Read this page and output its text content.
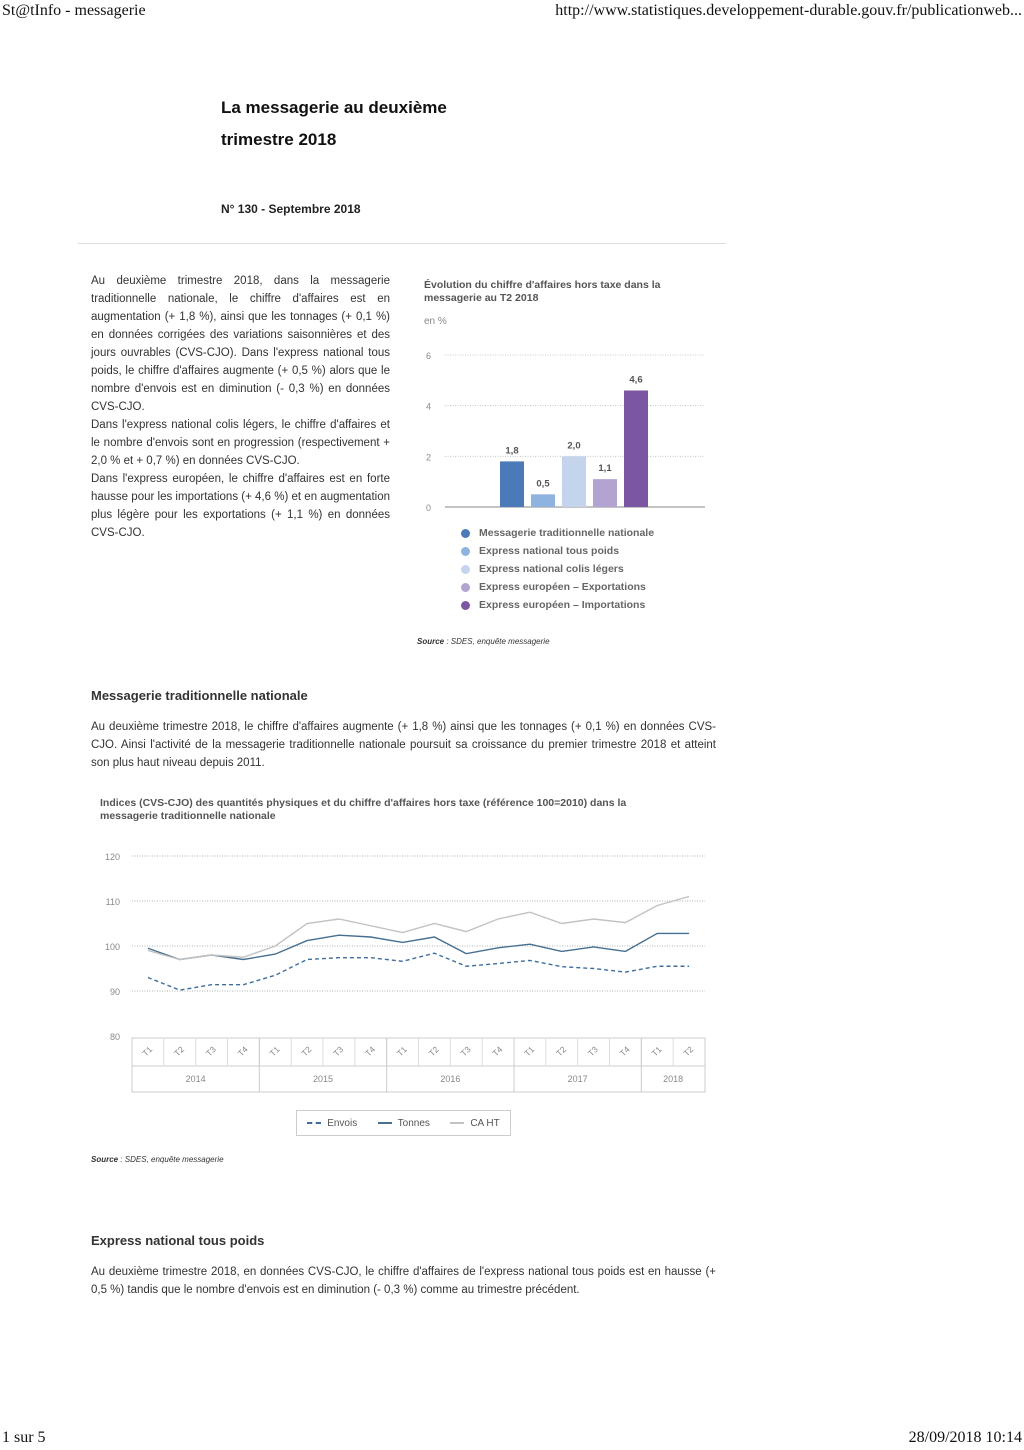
St@tInfo - messagerie	http://www.statistiques.developpement-durable.gouv.fr/publicationweb...
1 sur 5	28/09/2018 10:14
La messagerie au deuxième
trimestre 2018
N° 130 - Septembre 2018

Au deuxième trimestre 2018, dans la messagerie traditionnelle nationale, le chiffre d'affaires est en augmentation (+ 1,8 %), ainsi que les tonnages (+ 0,1 %) en données corrigées des variations saisonnières et des jours ouvrables (CVS-CJO). Dans l'express national tous poids, le chiffre d'affaires augmente (+ 0,5 %) alors que le nombre d'envois est en diminution (- 0,3 %) en données CVS-CJO.

Dans l'express national colis légers, le chiffre d'affaires et le nombre d'envois sont en progression (respectivement + 2,0 % et + 0,7 %) en données CVS-CJO.

Dans l'express européen, le chiffre d'affaires est en forte hausse pour les importations (+ 4,6 %) et en augmentation plus légère pour les exportations (+ 1,1 %) en données CVS-CJO.

Évolution du chiffre d'affaires hors taxe dans la messagerie au T2 2018
en %
0
2
4
6
1,8
0,5
2,0
1,1
4,6
Messagerie traditionnelle nationale
Express national tous poids
Express national colis légers
Express européen – Exportations
Express européen – Importations
Source : SDES, enquête messagerie
Messagerie traditionnelle nationale

Au deuxième trimestre 2018, le chiffre d'affaires augmente (+ 1,8 %) ainsi que les tonnages (+ 0,1 %) en données CVS-CJO. Ainsi l'activité de la messagerie traditionnelle nationale poursuit sa croissance du premier trimestre 2018 et atteint son plus haut niveau depuis 2011.

Indices (CVS-CJO) des quantités physiques et du chiffre d'affaires hors taxe (référence 100=2010) dans la messagerie traditionnelle nationale
80
90
100
110
120
T1 T2 T3 T4 T1 T2 T3 T4 T1 T2 T3 T4 T1 T2 T3 T4 T1 T2
2014	2015	2016	2017	2018
Envois	Tonnes	CA HT
Source : SDES, enquête messagerie
Express national tous poids

Au deuxième trimestre 2018, en données CVS-CJO, le chiffre d'affaires de l'express national tous poids est en hausse (+ 0,5 %) tandis que le nombre d'envois est en diminution (- 0,3 %) comme au trimestre précédent.
